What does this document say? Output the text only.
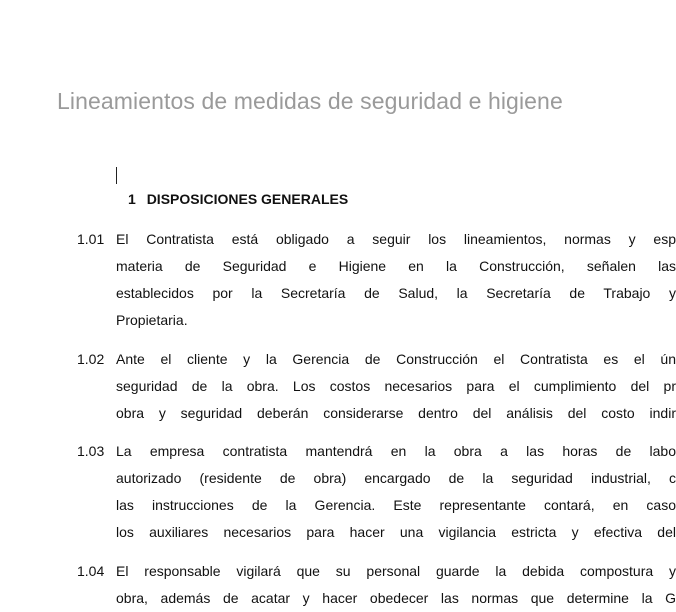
Lineamientos de medidas de seguridad e higiene
1 DISPOSICIONES GENERALES
1.01 El Contratista está obligado a seguir los lineamientos, normas y esp
materia de Seguridad e Higiene en la Construcción, señalen las
establecidos por la Secretaría de Salud, la Secretaría de Trabajo y
Propietaria.
1.02 Ante el cliente y la Gerencia de Construcción el Contratista es el ún
seguridad de la obra. Los costos necesarios para el cumplimiento del pr
obra y seguridad deberán considerarse dentro del análisis del costo indir
1.03 La empresa contratista mantendrá en la obra a las horas de labo
autorizado (residente de obra) encargado de la seguridad industrial, c
las instrucciones de la Gerencia. Este representante contará, en caso
los auxiliares necesarios para hacer una vigilancia estricta y efectiva del
1.04 El responsable vigilará que su personal guarde la debida compostura y
obra, además de acatar y hacer obedecer las normas que determine la G
